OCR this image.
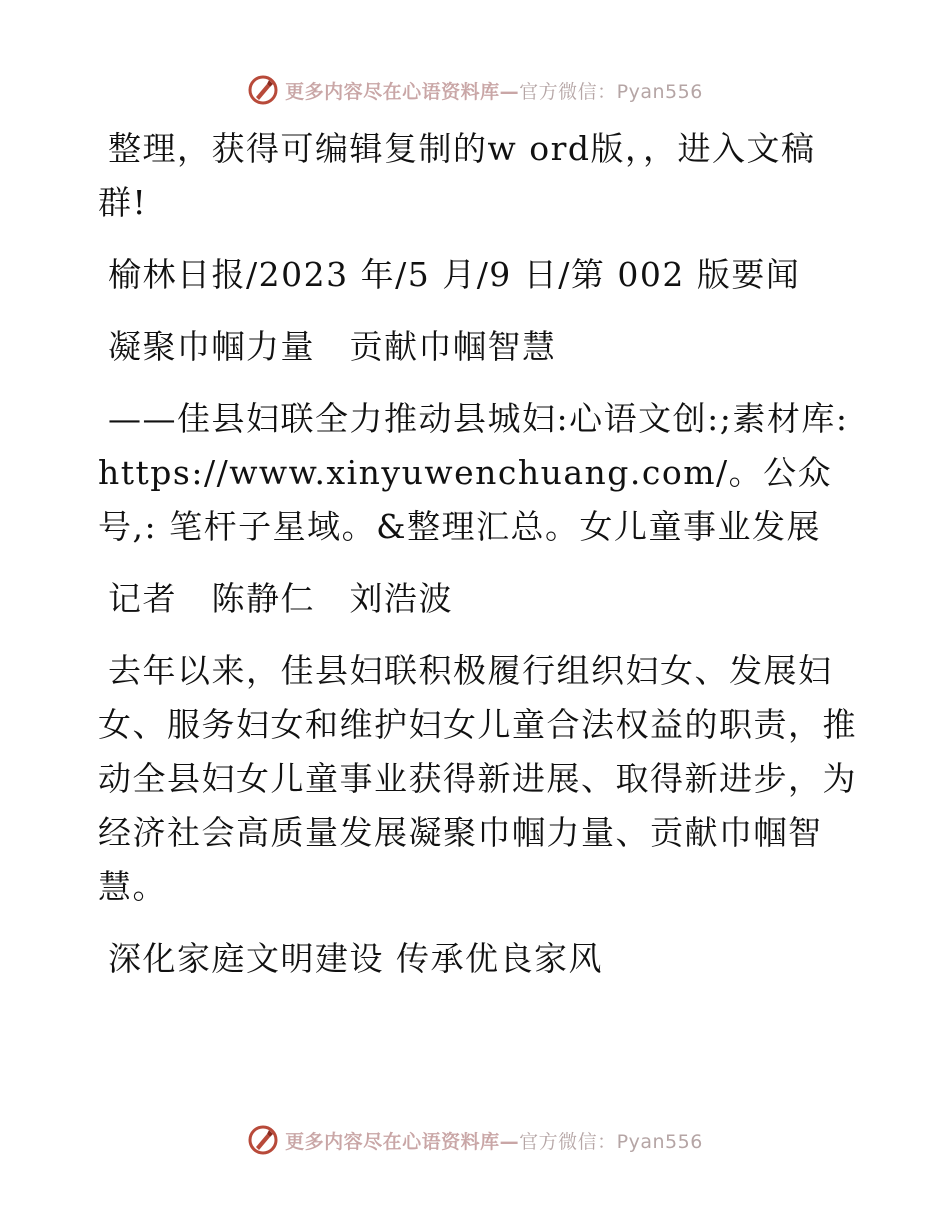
更多内容尽在心语资料库—官方微信：Pyan556

整理，获得可编辑复制的w ord版，，进入文稿群!

榆林日报/2023 年/5 月/9 日/第 002 版要闻

凝聚巾帼力量　贡献巾帼智慧

——佳县妇联全力推动县城妇:心语文创:;素材库: https://www.xinyuwenchuang.com/。公众号,: 笔杆子星域。&整理汇总。女儿童事业发展

记者　陈静仁　刘浩波

去年以来，佳县妇联积极履行组织妇女、发展妇女、服务妇女和维护妇女儿童合法权益的职责，推动全县妇女儿童事业获得新进展、取得新进步，为经济社会高质量发展凝聚巾帼力量、贡献巾帼智慧。

深化家庭文明建设 传承优良家风

更多内容尽在心语资料库—官方微信：Pyan556
